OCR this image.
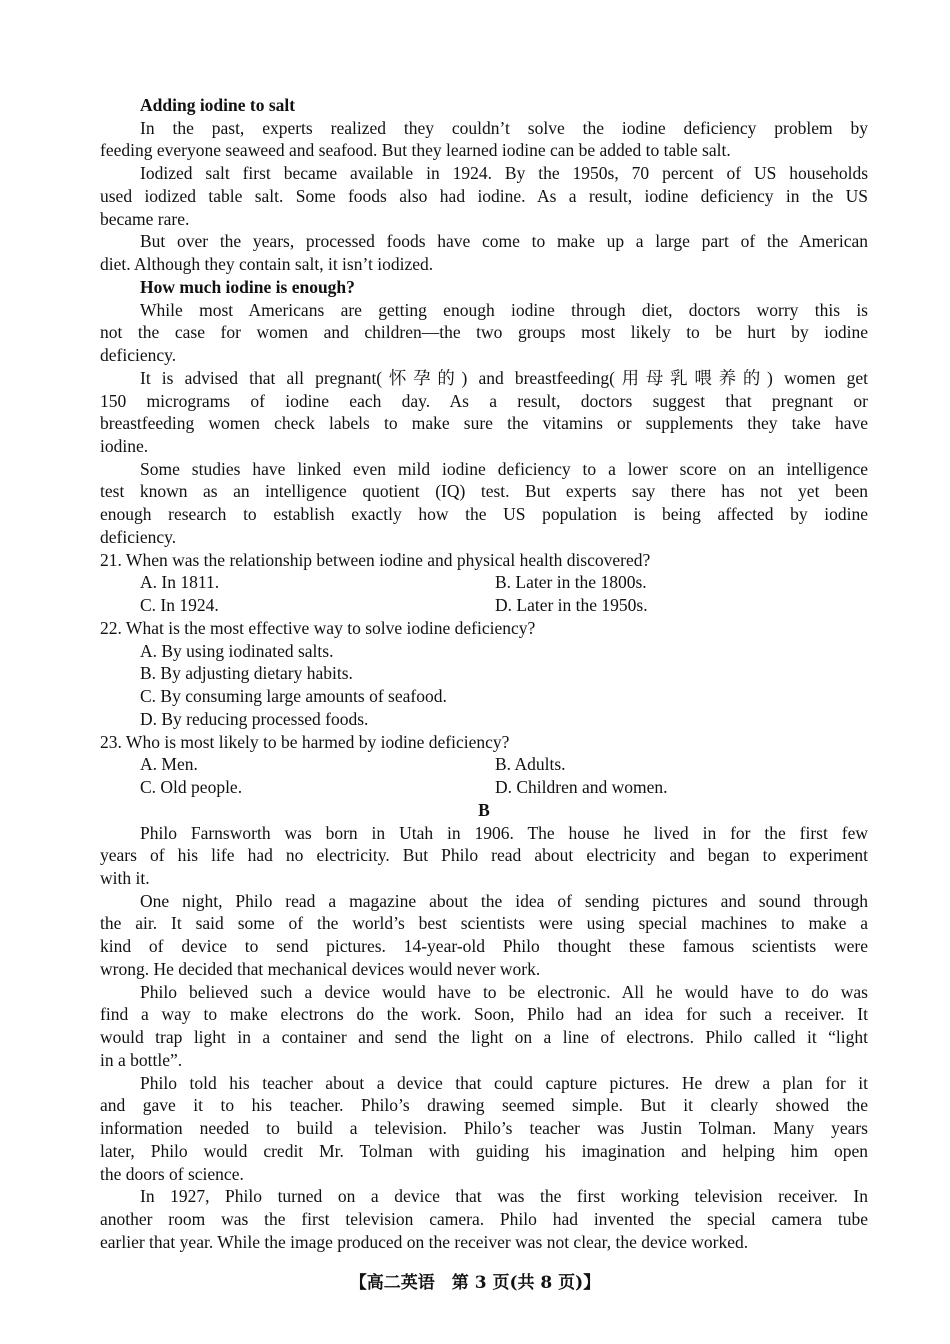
Adding iodine to salt
In the past, experts realized they couldn’t solve the iodine deficiency problem by
feeding everyone seaweed and seafood. But they learned iodine can be added to table salt.
Iodized salt first became available in 1924. By the 1950s, 70 percent of US households
used iodized table salt. Some foods also had iodine. As a result, iodine deficiency in the US
became rare.
But over the years, processed foods have come to make up a large part of the American
diet. Although they contain salt, it isn’t iodized.
How much iodine is enough?
While most Americans are getting enough iodine through diet, doctors worry this is
not the case for women and children—the two groups most likely to be hurt by iodine
deficiency.
It is advised that all pregnant(怀孕的) and breastfeeding(用母乳喂养的) women get
150 micrograms of iodine each day. As a result, doctors suggest that pregnant or
breastfeeding women check labels to make sure the vitamins or supplements they take have
iodine.
Some studies have linked even mild iodine deficiency to a lower score on an intelligence
test known as an intelligence quotient (IQ) test. But experts say there has not yet been
enough research to establish exactly how the US population is being affected by iodine
deficiency.
21. When was the relationship between iodine and physical health discovered?
A. In 1811.	B. Later in the 1800s.
C. In 1924.	D. Later in the 1950s.
22. What is the most effective way to solve iodine deficiency?
A. By using iodinated salts.
B. By adjusting dietary habits.
C. By consuming large amounts of seafood.
D. By reducing processed foods.
23. Who is most likely to be harmed by iodine deficiency?
A. Men.	B. Adults.
C. Old people.	D. Children and women.
B
Philo Farnsworth was born in Utah in 1906. The house he lived in for the first few
years of his life had no electricity. But Philo read about electricity and began to experiment
with it.
One night, Philo read a magazine about the idea of sending pictures and sound through
the air. It said some of the world’s best scientists were using special machines to make a
kind of device to send pictures. 14-year-old Philo thought these famous scientists were
wrong. He decided that mechanical devices would never work.
Philo believed such a device would have to be electronic. All he would have to do was
find a way to make electrons do the work. Soon, Philo had an idea for such a receiver. It
would trap light in a container and send the light on a line of electrons. Philo called it “light
in a bottle”.
Philo told his teacher about a device that could capture pictures. He drew a plan for it
and gave it to his teacher. Philo’s drawing seemed simple. But it clearly showed the
information needed to build a television. Philo’s teacher was Justin Tolman. Many years
later, Philo would credit Mr. Tolman with guiding his imagination and helping him open
the doors of science.
In 1927, Philo turned on a device that was the first working television receiver. In
another room was the first television camera. Philo had invented the special camera tube
earlier that year. While the image produced on the receiver was not clear, the device worked.
【高二英语　第 3 页(共 8 页)】
